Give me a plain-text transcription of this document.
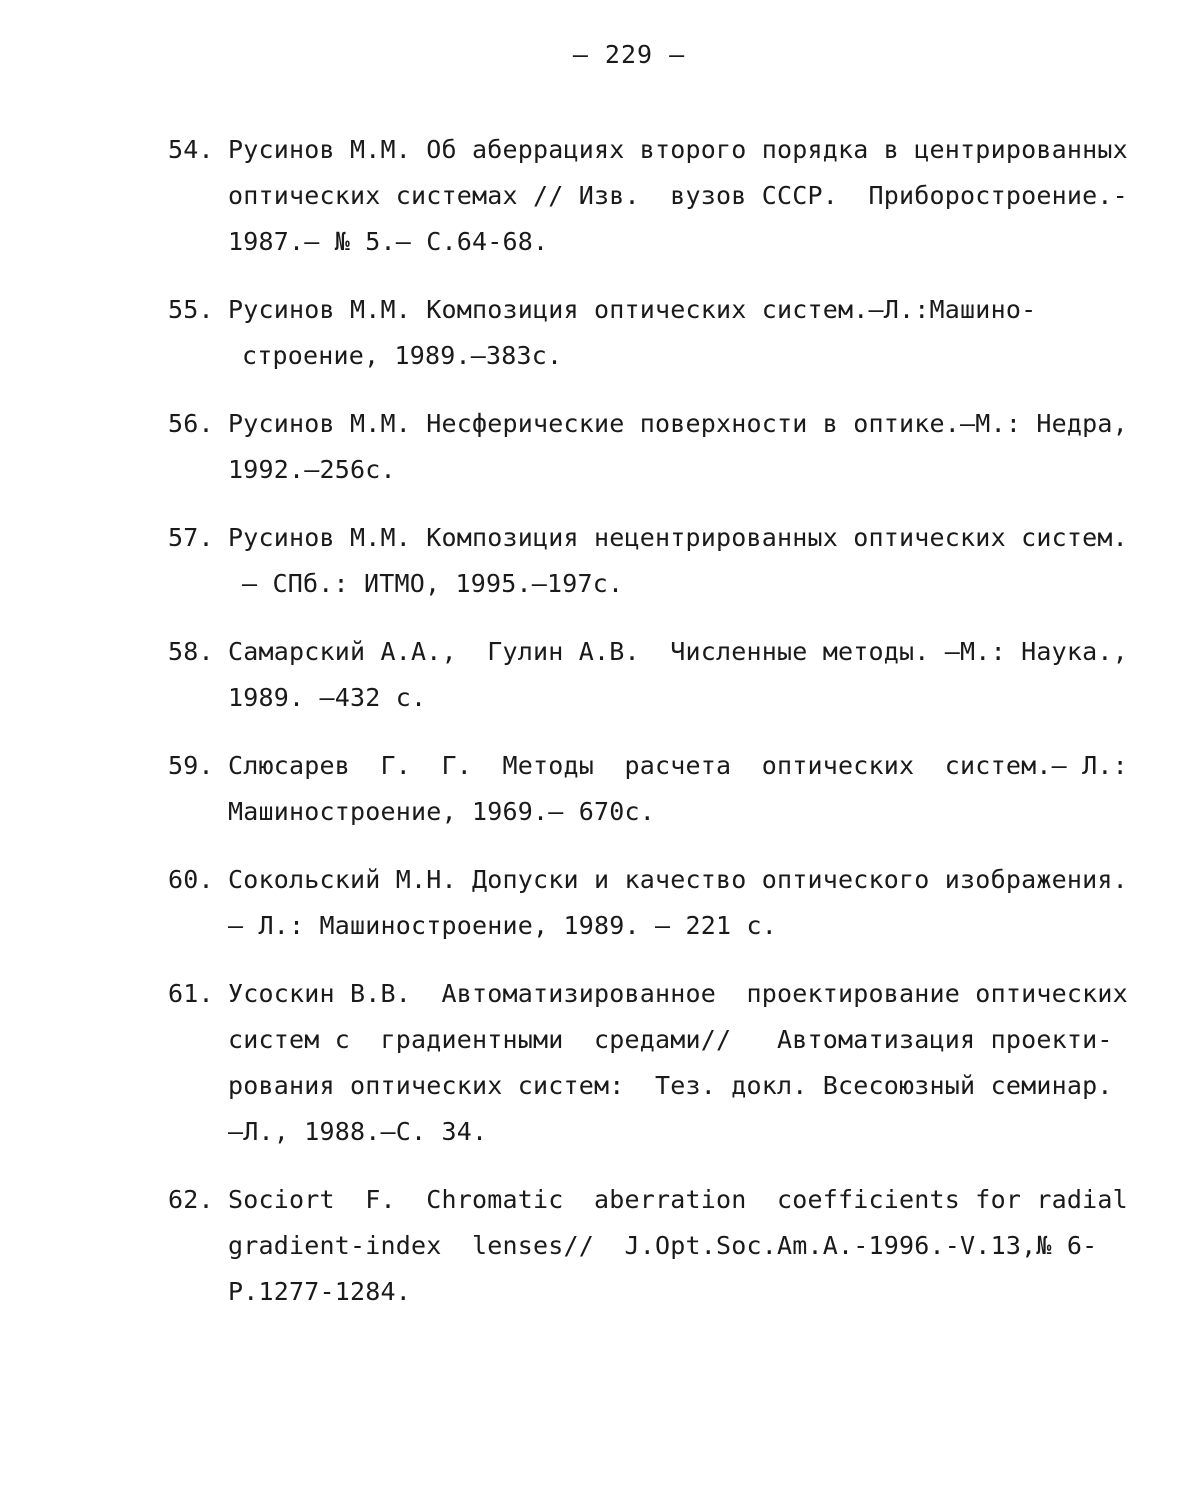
– 229 –
54. Русинов М.М. Об аберрациях второго порядка в центрированных
оптических системах // Изв.  вузов СССР.  Приборостроение.-
1987.– № 5.– С.64-68.
55. Русинов М.М. Композиция оптических систем.–Л.:Машино-
строение, 1989.–383с.
56. Русинов М.М. Несферические поверхности в оптике.–М.: Недра,
1992.–256с.
57. Русинов М.М. Композиция нецентрированных оптических систем.
– СПб.: ИТМО, 1995.–197с.
58. Самарский А.А.,  Гулин А.В.  Численные методы. –М.: Наука.,
1989. –432 с.
59. Слюсарев  Г.  Г.  Методы  расчета  оптических  систем.– Л.:
Машиностроение, 1969.– 670с.
60. Сокольский М.Н. Допуски и качество оптического изображения.
– Л.: Машиностроение, 1989. – 221 с.
61. Усоскин В.В.  Автоматизированное  проектирование оптических
систем с  градиентными  средами//   Автоматизация проекти-
рования оптических систем:  Тез. докл. Всесоюзный семинар.
–Л., 1988.–С. 34.
62. Sociort  F.  Chromatic  aberration  coefficients for radial
gradient-index  lenses//  J.Opt.Soc.Am.A.-1996.-V.13,№ 6-
P.1277-1284.
